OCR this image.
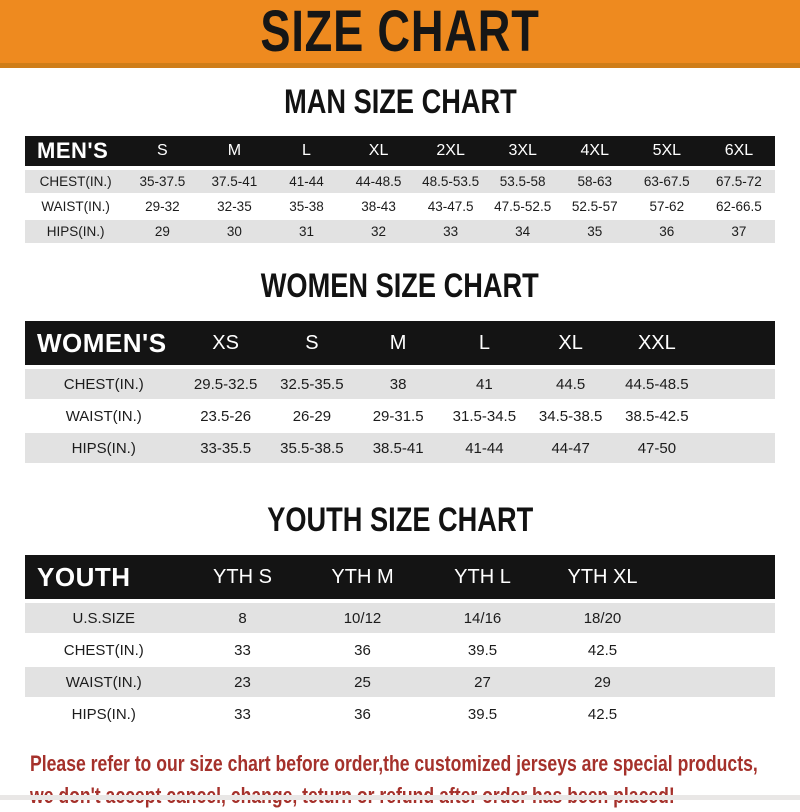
SIZE CHART
MAN SIZE CHART
MEN'S	S	M	L	XL	2XL	3XL	4XL	5XL	6XL
CHEST(IN.)	35-37.5	37.5-41	41-44	44-48.5	48.5-53.5	53.5-58	58-63	63-67.5	67.5-72
WAIST(IN.)	29-32	32-35	35-38	38-43	43-47.5	47.5-52.5	52.5-57	57-62	62-66.5
HIPS(IN.)	29	30	31	32	33	34	35	36	37
WOMEN SIZE CHART
WOMEN'S	XS	S	M	L	XL	XXL	
CHEST(IN.)	29.5-32.5	32.5-35.5	38	41	44.5	44.5-48.5	
WAIST(IN.)	23.5-26	26-29	29-31.5	31.5-34.5	34.5-38.5	38.5-42.5	
HIPS(IN.)	33-35.5	35.5-38.5	38.5-41	41-44	44-47	47-50	
YOUTH SIZE CHART
YOUTH	YTH S	YTH M	YTH L	YTH XL	
U.S.SIZE	8	10/12	14/16	18/20	
CHEST(IN.)	33	36	39.5	42.5	
WAIST(IN.)	23	25	27	29	
HIPS(IN.)	33	36	39.5	42.5	
Please refer to our size chart before order,the customized jerseys are special products,
